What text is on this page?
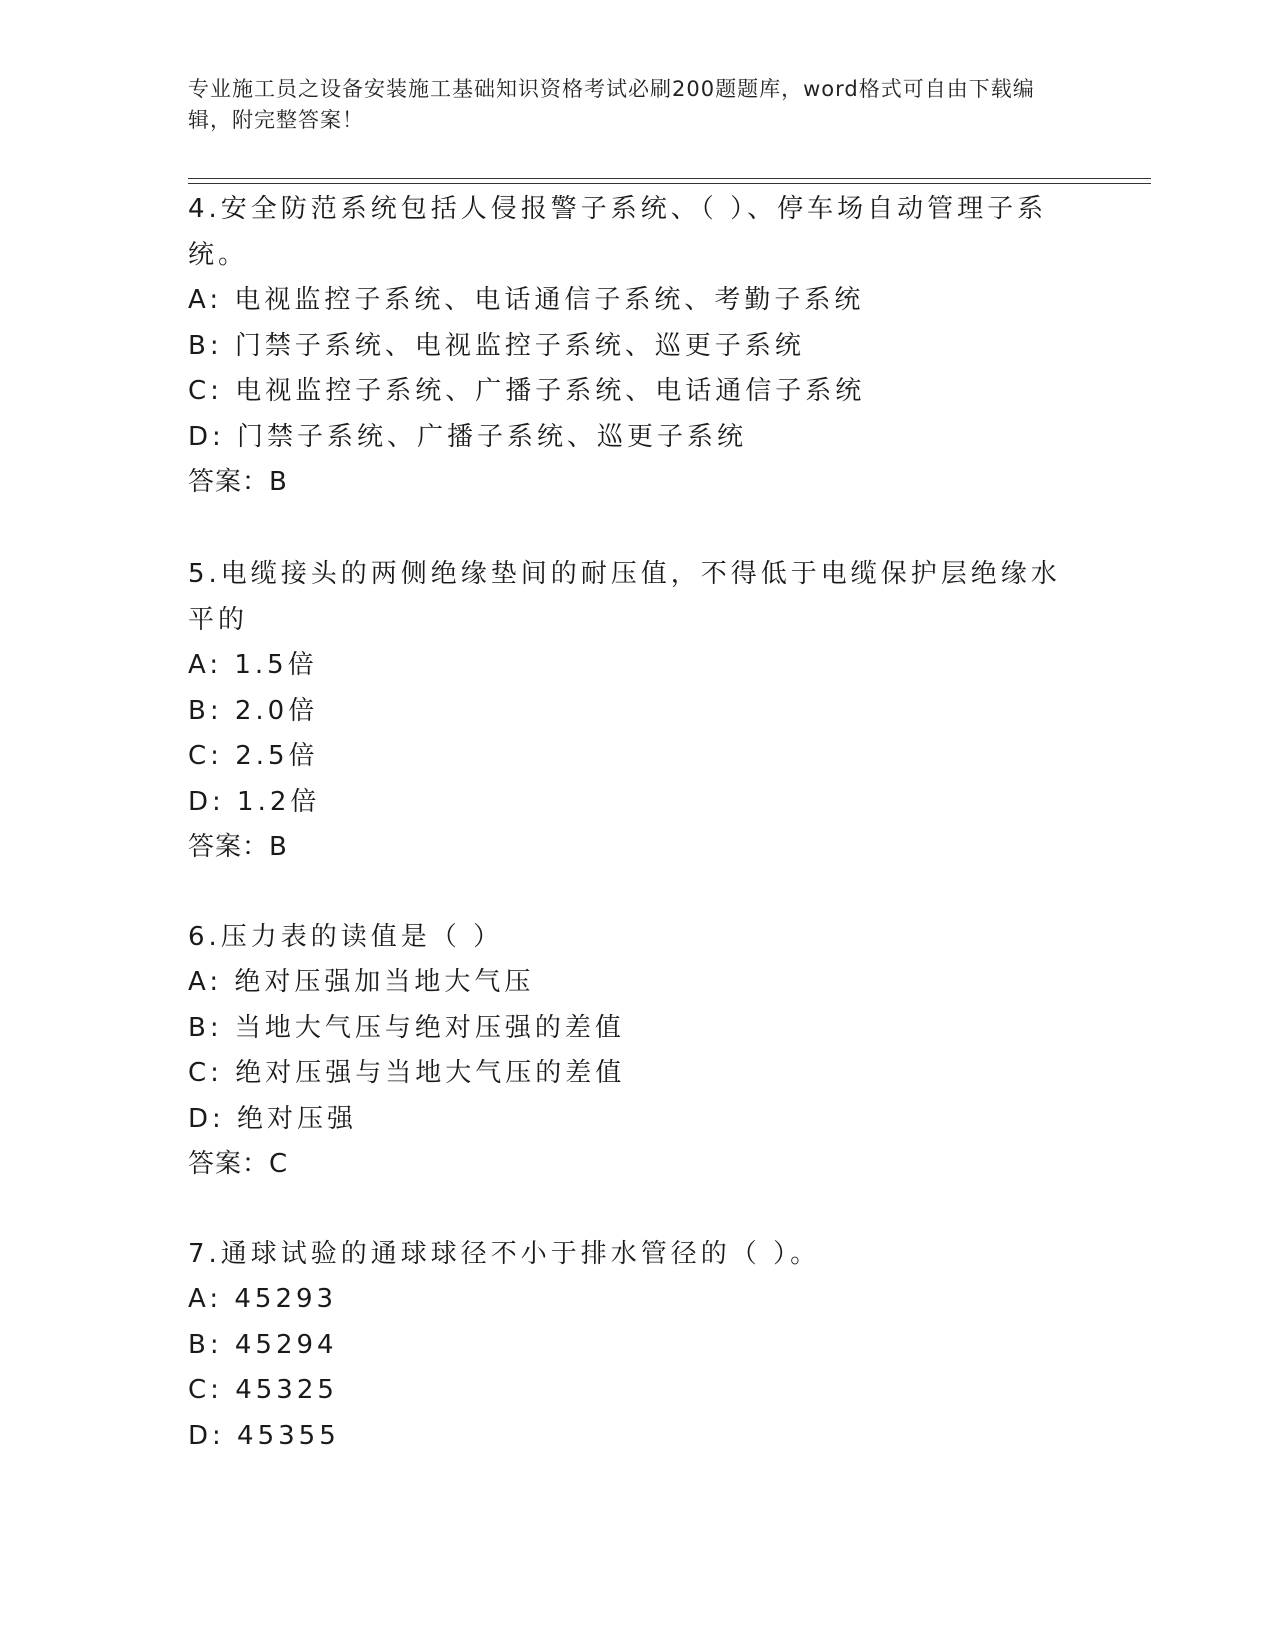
专业施工员之设备安装施工基础知识资格考试必刷200题题库，word格式可自由下载编辑，附完整答案！

4.安全防范系统包括人侵报警子系统、（ ）、停车场自动管理子系统。

A: 电视监控子系统、电话通信子系统、考勤子系统
B: 门禁子系统、电视监控子系统、巡更子系统
C: 电视监控子系统、广播子系统、电话通信子系统
D: 门禁子系统、广播子系统、巡更子系统
答案：B

5.电缆接头的两侧绝缘垫间的耐压值，不得低于电缆保护层绝缘水平的

A: 1.5倍
B: 2.0倍
C: 2.5倍
D: 1.2倍
答案：B

6.压力表的读值是（ ）

A: 绝对压强加当地大气压
B: 当地大气压与绝对压强的差值
C: 绝对压强与当地大气压的差值
D: 绝对压强
答案：C

7.通球试验的通球球径不小于排水管径的（ ）。

A: 45293
B: 45294
C: 45325
D: 45355
